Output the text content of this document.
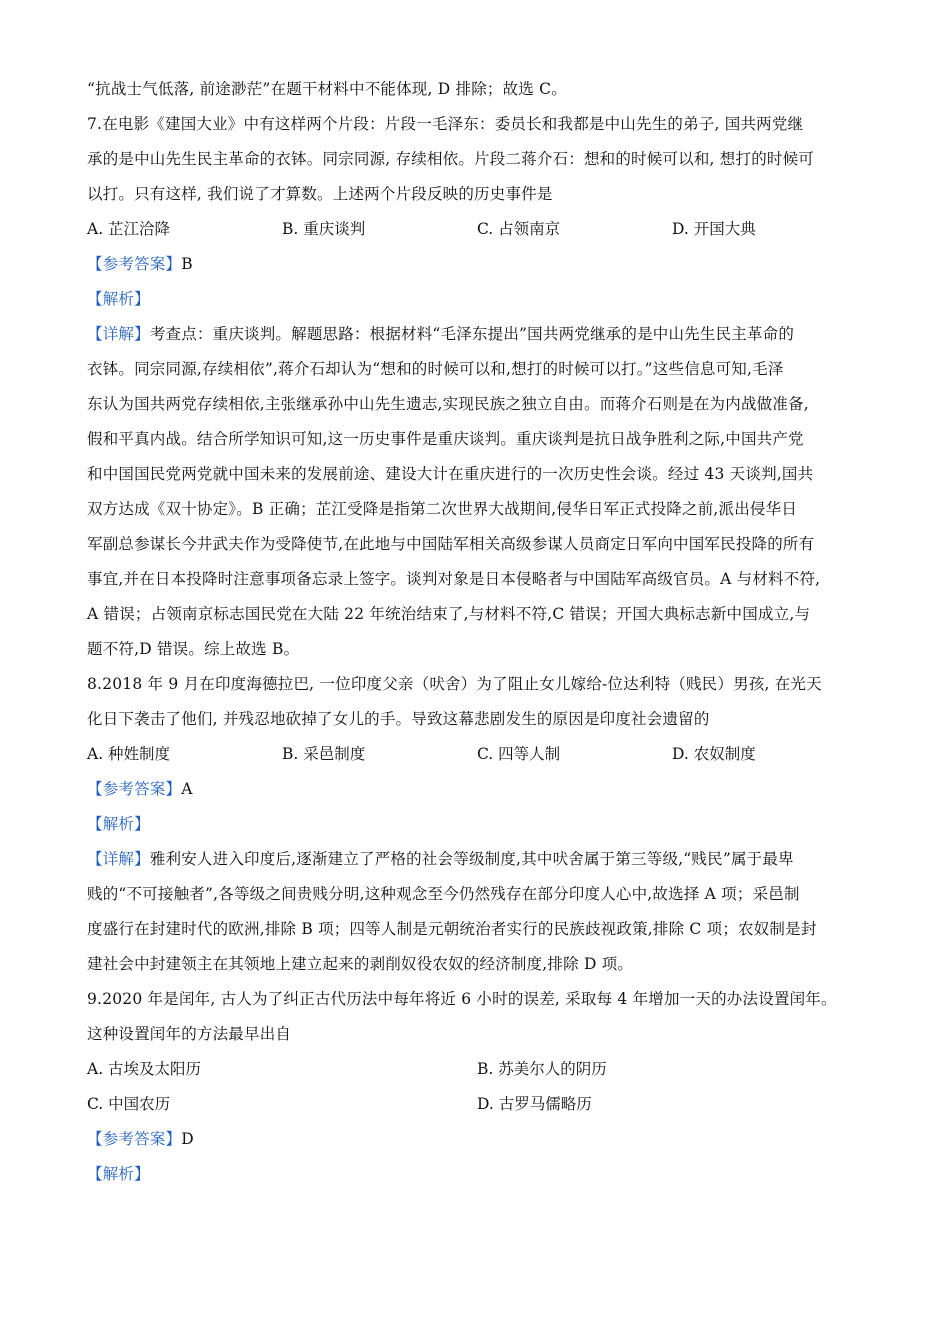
“抗战士气低落, 前途渺茫”在题干材料中不能体现, D 排除；故选 C。
7.在电影《建国大业》中有这样两个片段：片段一毛泽东：委员长和我都是中山先生的弟子, 国共两党继
承的是中山先生民主革命的衣钵。同宗同源, 存续相依。片段二蒋介石：想和的时候可以和, 想打的时候可
以打。只有这样, 我们说了才算数。上述两个片段反映的历史事件是
A. 芷江洽降	B. 重庆谈判	C. 占领南京	D. 开国大典
【参考答案】B
【解析】
【详解】考查点：重庆谈判。解题思路：根据材料“毛泽东提出”国共两党继承的是中山先生民主革命的
衣钵。同宗同源,存续相依”,蒋介石却认为“想和的时候可以和,想打的时候可以打。”这些信息可知,毛泽
东认为国共两党存续相依,主张继承孙中山先生遗志,实现民族之独立自由。而蒋介石则是在为内战做准备,
假和平真内战。结合所学知识可知,这一历史事件是重庆谈判。重庆谈判是抗日战争胜利之际,中国共产党
和中国国民党两党就中国未来的发展前途、建设大计在重庆进行的一次历史性会谈。经过 43 天谈判,国共
双方达成《双十协定》。B 正确；芷江受降是指第二次世界大战期间,侵华日军正式投降之前,派出侵华日
军副总参谋长今井武夫作为受降使节,在此地与中国陆军相关高级参谋人员商定日军向中国军民投降的所有
事宜,并在日本投降时注意事项备忘录上签字。谈判对象是日本侵略者与中国陆军高级官员。A 与材料不符,
A 错误；占领南京标志国民党在大陆 22 年统治结束了,与材料不符,C 错误；开国大典标志新中国成立,与
题不符,D 错误。综上故选 B。
8.2018 年 9 月在印度海德拉巴, 一位印度父亲（吠舍）为了阻止女儿嫁给-位达利特（贱民）男孩, 在光天
化日下袭击了他们, 并残忍地砍掉了女儿的手。导致这幕悲剧发生的原因是印度社会遗留的
A. 种姓制度	B. 采邑制度	C. 四等人制	D. 农奴制度
【参考答案】A
【解析】
【详解】雅利安人进入印度后,逐渐建立了严格的社会等级制度,其中吠舍属于第三等级,“贱民”属于最卑
贱的“不可接触者”,各等级之间贵贱分明,这种观念至今仍然残存在部分印度人心中,故选择 A 项；采邑制
度盛行在封建时代的欧洲,排除 B 项；四等人制是元朝统治者实行的民族歧视政策,排除 C 项；农奴制是封
建社会中封建领主在其领地上建立起来的剥削奴役农奴的经济制度,排除 D 项。
9.2020 年是闰年, 古人为了纠正古代历法中每年将近 6 小时的误差, 采取每 4 年增加一天的办法设置闰年。
这种设置闰年的方法最早出自
A. 古埃及太阳历	B. 苏美尔人的阴历
C. 中国农历	D. 古罗马儒略历
【参考答案】D
【解析】
